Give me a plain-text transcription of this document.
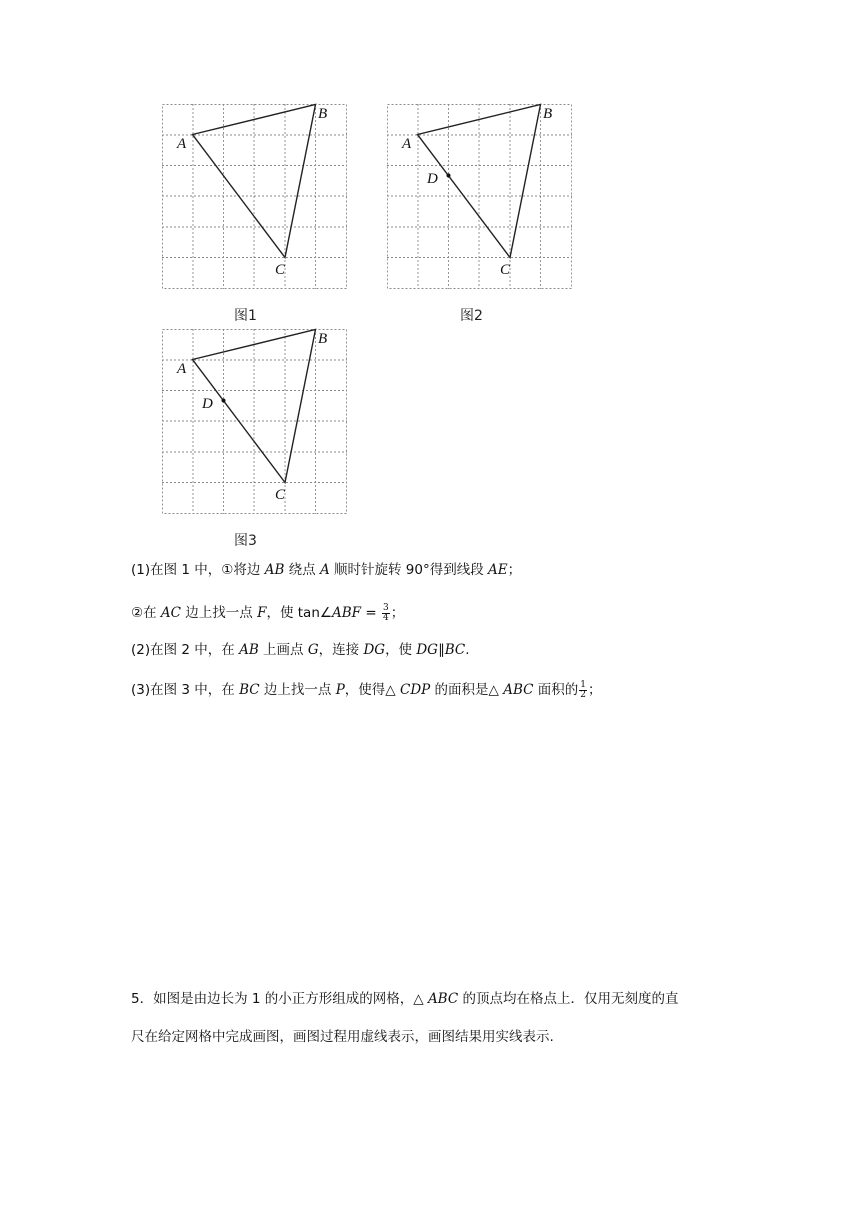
A
B
C
图1
A
B
C
D
图2
A
B
C
D
图3
(1)在图 1 中，①将边 AB 绕点 A 顺时针旋转 90°得到线段 AE；
②在 AC 边上找一点 F，使 tan∠ABF = $\frac{3}{4}$ ；
(2)在图 2 中，在 AB 上画点 G，连接 DG，使 DG∥BC.
(3)在图 3 中，在 BC 边上找一点 P，使得△ CDP 的面积是△ ABC 面积的 $\frac{1}{2}$ ；
5．如图是由边长为 1 的小正方形组成的网格，△ ABC 的顶点均在格点上．仅用无刻度的直
尺在给定网格中完成画图，画图过程用虚线表示，画图结果用实线表示.
